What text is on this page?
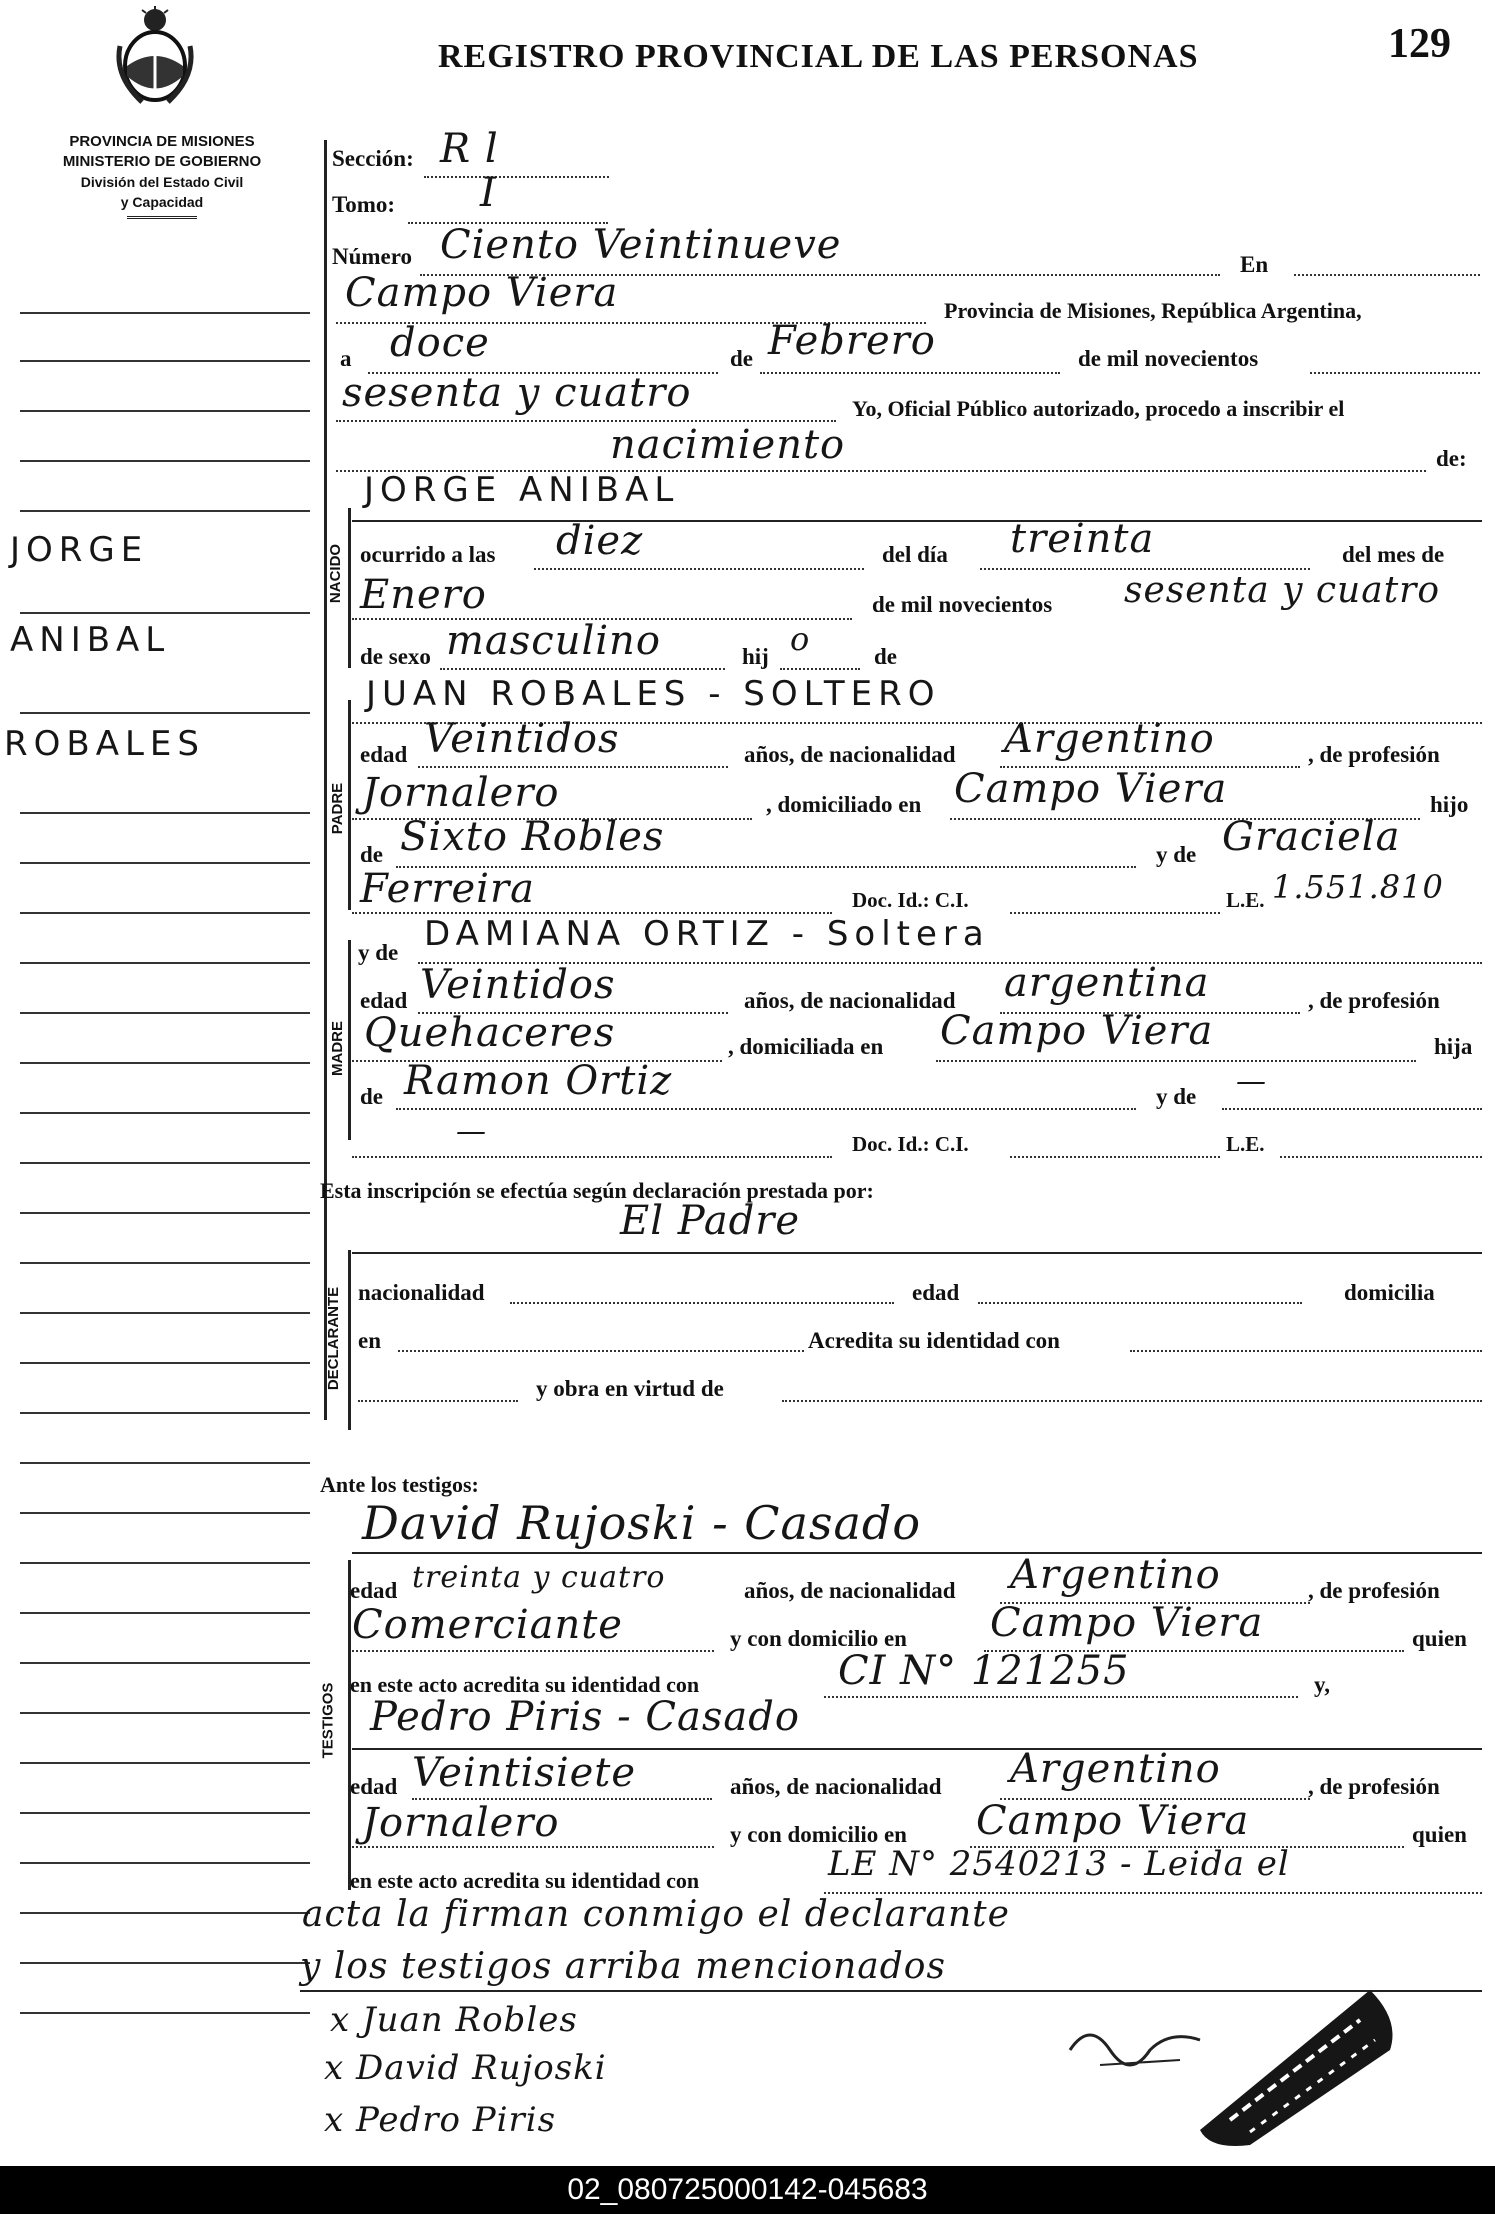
REGISTRO PROVINCIAL DE LAS PERSONAS	129
PROVINCIA DE MISIONES
MINISTERIO DE GOBIERNO
División del Estado Civil
y Capacidad
JORGE
ANIBAL
ROBALES
Sección: R l
Tomo: I
Número Ciento Veintinueve	En
Campo Viera	Provincia de Misiones, República Argentina,
a doce	de Febrero	de mil novecientos
sesenta y cuatro	Yo, Oficial Público autorizado, procedo a inscribir el
nacimiento	de:
NACIDO
JORGE ANIBAL
ocurrido a las diez	del día treinta	del mes de
Enero	de mil novecientos sesenta y cuatro
de sexo masculino	hij o	de
PADRE
JUAN ROBALES - SOLTERO
edad Veintidos	años, de nacionalidad Argentino	, de profesión
Jornalero	, domiciliado en Campo Viera	hijo
de Sixto Robles	y de Graciela
Ferreira	Doc. Id.: C.I.	L.E. 1.551.810
MADRE
y de DAMIANA ORTIZ - Soltera
edad Veintidos	años, de nacionalidad argentina	, de profesión
Quehaceres	, domiciliada en Campo Viera	hija
de Ramon Ortiz	y de —
—	Doc. Id.: C.I.	L.E.
Esta inscripción se efectúa según declaración prestada por:
El Padre
DECLARANTE nacionalidad	edad	domicilia
en	Acredita su identidad con
y obra en virtud de
Ante los testigos:
TESTIGOS
David Rujoski - Casado
edad treinta y cuatro	años, de nacionalidad Argentino	, de profesión
Comerciante	y con domicilio en Campo Viera	quien
en este acto acredita su identidad con	CI N° 121255	y,
Pedro Piris - Casado
edad Veintisiete	años, de nacionalidad Argentino	, de profesión
Jornalero	y con domicilio en Campo Viera	quien
en este acto acredita su identidad con	LE N° 2540213 - Leida el
acta la firman conmigo el declarante
y los testigos arriba mencionados
x Juan Robles
x David Rujoski
x Pedro Piris
02_080725000142-045683
